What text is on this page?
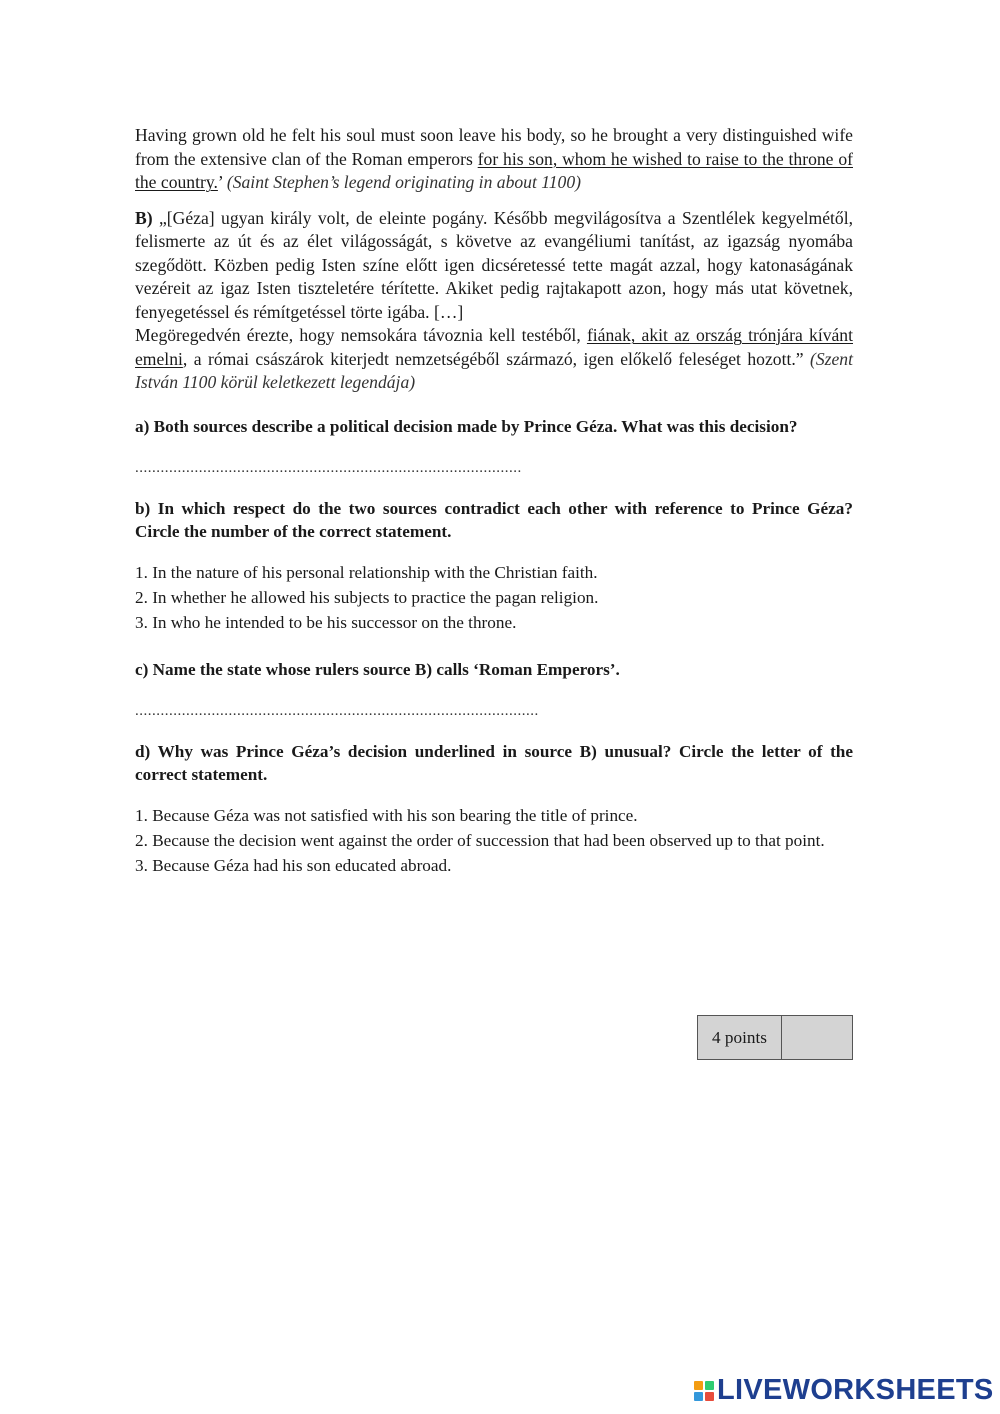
Having grown old he felt his soul must soon leave his body, so he brought a very distinguished wife from the extensive clan of the Roman emperors for his son, whom he wished to raise to the throne of the country.’ (Saint Stephen’s legend originating in about 1100)

B) „[Géza] ugyan király volt, de eleinte pogány. Később megvilágosítva a Szentlélek kegyelmétől, felismerte az út és az élet világosságát, s követve az evangéliumi tanítást, az igazság nyomába szegődött. Közben pedig Isten színe előtt igen dicséretessé tette magát azzal, hogy katonaságának vezéreit az igaz Isten tiszteletére térítette. Akiket pedig rajtakapott azon, hogy más utat követnek, fenyegetéssel és rémítgetéssel törte igába. […]

Megöregedvén érezte, hogy nemsokára távoznia kell testéből, fiának, akit az ország trónjára kívánt emelni, a római császárok kiterjedt nemzetségéből származó, igen előkelő feleséget hozott.” (Szent István 1100 körül keletkezett legendája)

a) Both sources describe a political decision made by Prince Géza. What was this decision?

...........................................................................................

b) In which respect do the two sources contradict each other with reference to Prince Géza? Circle the number of the correct statement.

1. In the nature of his personal relationship with the Christian faith.

2. In whether he allowed his subjects to practice the pagan religion.

3. In who he intended to be his successor on the throne.

c) Name the state whose rulers source B) calls ‘Roman Emperors’.

...............................................................................................

d) Why was Prince Géza’s decision underlined in source B) unusual? Circle the letter of the correct statement.

1. Because Géza was not satisfied with his son bearing the title of prince.

2. Because the decision went against the order of succession that had been observed up to that point.

3. Because Géza had his son educated abroad.

4 points
LIVEWORKSHEETS
